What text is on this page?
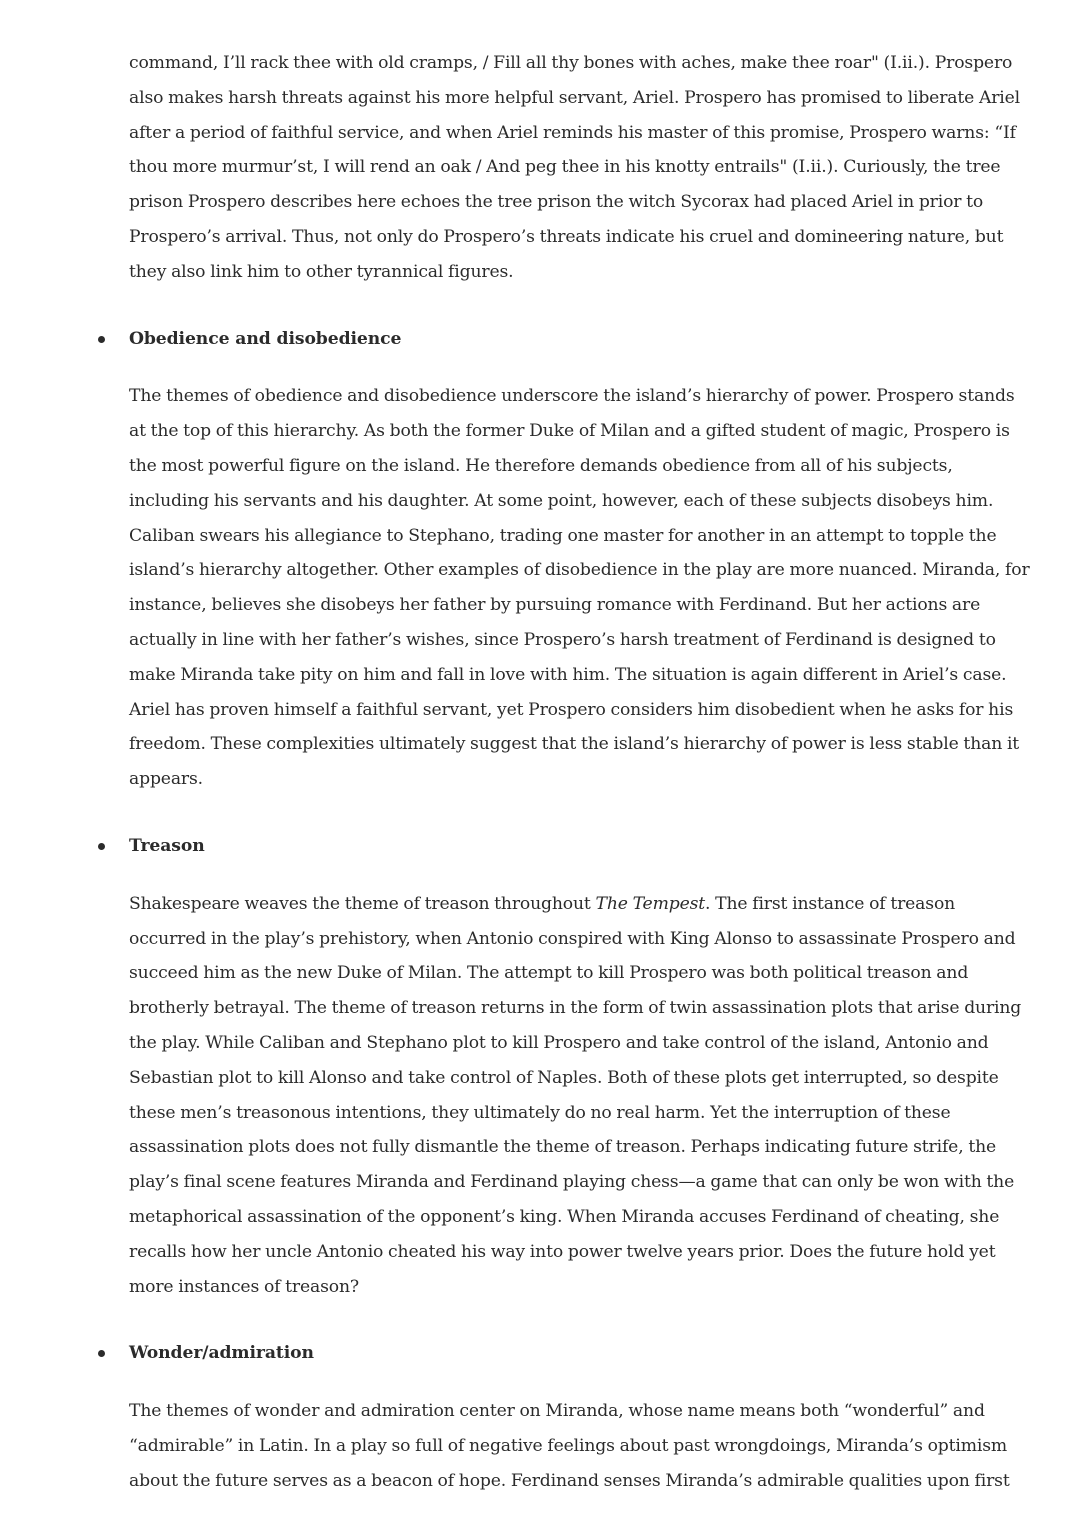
command, I’ll rack thee with old cramps, / Fill all thy bones with aches, make thee roar" (I.ii.). Prospero also makes harsh threats against his more helpful servant, Ariel. Prospero has promised to liberate Ariel after a period of faithful service, and when Ariel reminds his master of this promise, Prospero warns: “If thou more murmur’st, I will rend an oak / And peg thee in his knotty entrails" (I.ii.). Curiously, the tree prison Prospero describes here echoes the tree prison the witch Sycorax had placed Ariel in prior to Prospero’s arrival. Thus, not only do Prospero’s threats indicate his cruel and domineering nature, but they also link him to other tyrannical figures.

Obedience and disobedience

The themes of obedience and disobedience underscore the island’s hierarchy of power. Prospero stands at the top of this hierarchy. As both the former Duke of Milan and a gifted student of magic, Prospero is the most powerful figure on the island. He therefore demands obedience from all of his subjects, including his servants and his daughter. At some point, however, each of these subjects disobeys him. Caliban swears his allegiance to Stephano, trading one master for another in an attempt to topple the island’s hierarchy altogether. Other examples of disobedience in the play are more nuanced. Miranda, for instance, believes she disobeys her father by pursuing romance with Ferdinand. But her actions are actually in line with her father’s wishes, since Prospero’s harsh treatment of Ferdinand is designed to make Miranda take pity on him and fall in love with him. The situation is again different in Ariel’s case. Ariel has proven himself a faithful servant, yet Prospero considers him disobedient when he asks for his freedom. These complexities ultimately suggest that the island’s hierarchy of power is less stable than it appears.

Treason

Shakespeare weaves the theme of treason throughout The Tempest. The first instance of treason occurred in the play’s prehistory, when Antonio conspired with King Alonso to assassinate Prospero and succeed him as the new Duke of Milan. The attempt to kill Prospero was both political treason and brotherly betrayal. The theme of treason returns in the form of twin assassination plots that arise during the play. While Caliban and Stephano plot to kill Prospero and take control of the island, Antonio and Sebastian plot to kill Alonso and take control of Naples. Both of these plots get interrupted, so despite these men’s treasonous intentions, they ultimately do no real harm. Yet the interruption of these assassination plots does not fully dismantle the theme of treason. Perhaps indicating future strife, the play’s final scene features Miranda and Ferdinand playing chess—a game that can only be won with the metaphorical assassination of the opponent’s king. When Miranda accuses Ferdinand of cheating, she recalls how her uncle Antonio cheated his way into power twelve years prior. Does the future hold yet more instances of treason?

Wonder/admiration

The themes of wonder and admiration center on Miranda, whose name means both “wonderful” and “admirable” in Latin. In a play so full of negative feelings about past wrongdoings, Miranda’s optimism about the future serves as a beacon of hope. Ferdinand senses Miranda’s admirable qualities upon first
